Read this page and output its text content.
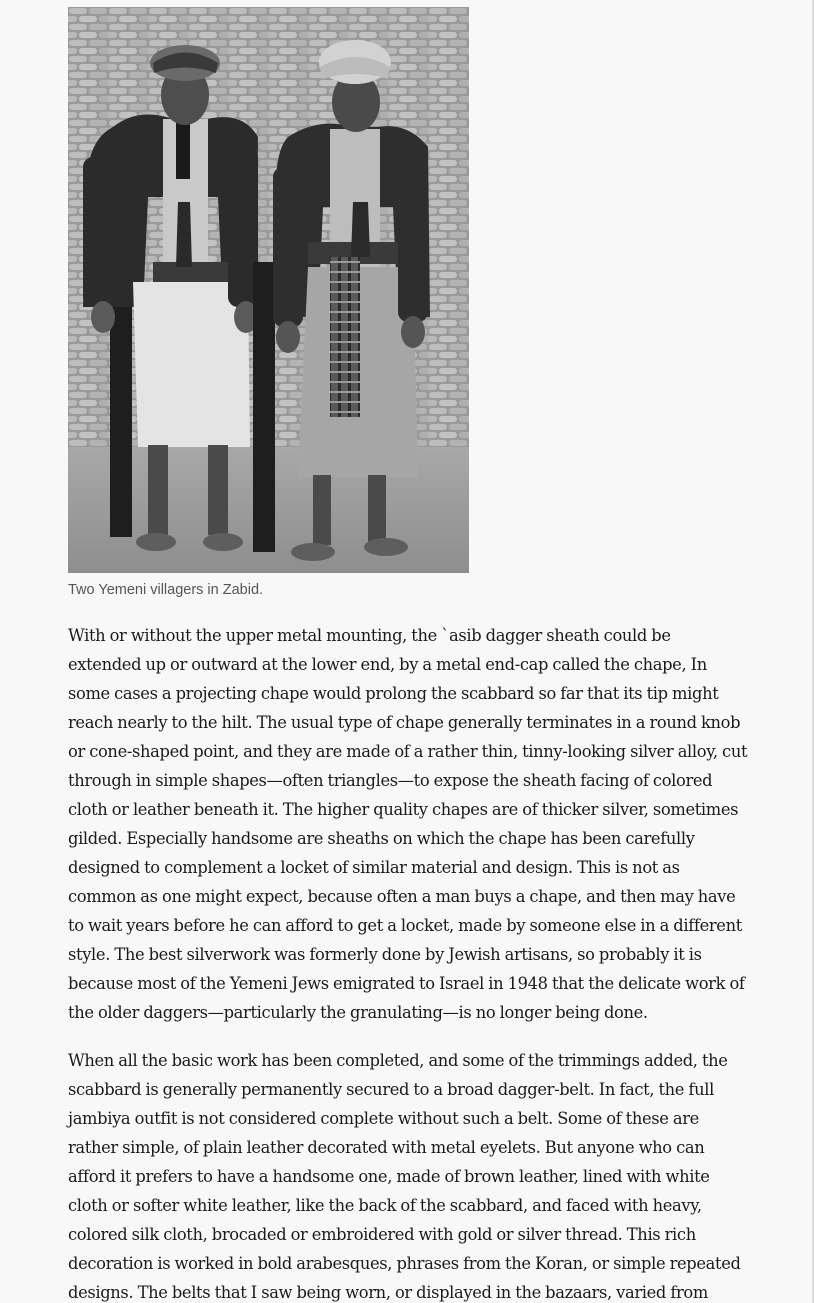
Two Yemeni villagers in Zabid.

With or without the upper metal mounting, the `asib dagger sheath could be extended up or outward at the lower end, by a metal end-cap called the chape, In some cases a projecting chape would prolong the scabbard so far that its tip might reach nearly to the hilt. The usual type of chape generally terminates in a round knob or cone-shaped point, and they are made of a rather thin, tinny-looking silver alloy, cut through in simple shapes—often triangles—to expose the sheath facing of colored cloth or leather beneath it. The higher quality chapes are of thicker silver, sometimes gilded. Especially handsome are sheaths on which the chape has been carefully designed to complement a locket of similar material and design. This is not as common as one might expect, because often a man buys a chape, and then may have to wait years before he can afford to get a locket, made by someone else in a different style. The best silverwork was formerly done by Jewish artisans, so probably it is because most of the Yemeni Jews emigrated to Israel in 1948 that the delicate work of the older daggers—particularly the granulating—is no longer being done.

When all the basic work has been completed, and some of the trimmings added, the scabbard is generally permanently secured to a broad dagger-belt. In fact, the full jambiya outfit is not considered complete without such a belt. Some of these are rather simple, of plain leather decorated with metal eyelets. But anyone who can afford it prefers to have a handsome one, made of brown leather, lined with white cloth or softer white leather, like the back of the scabbard, and faced with heavy, colored silk cloth, brocaded or embroidered with gold or silver thread. This rich decoration is worked in bold arabesques, phrases from the Koran, or simple repeated designs. The belts that I saw being worn, or displayed in the bazaars, varied from
